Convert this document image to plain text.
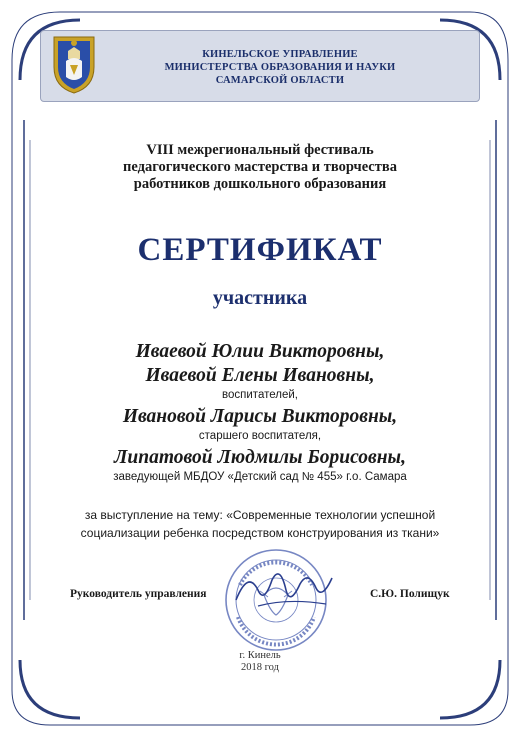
КИНЕЛЬСКОЕ УПРАВЛЕНИЕ
МИНИСТЕРСТВА ОБРАЗОВАНИЯ И НАУКИ
САМАРСКОЙ ОБЛАСТИ
VIII межрегиональный фестиваль
педагогического мастерства и творчества
работников дошкольного образования
СЕРТИФИКАТ
участника
Иваевой Юлии Викторовны,
Иваевой Елены Ивановны,
воспитателей,
Ивановой Ларисы Викторовны,
старшего воспитателя,
Липатовой Людмилы Борисовны,
заведующей МБДОУ «Детский сад № 455» г.о. Самара
за выступление на тему: «Современные технологии успешной
социализации ребенка посредством конструирования из ткани»
Руководитель управления	С.Ю. Полищук
г. Кинель
2018 год
